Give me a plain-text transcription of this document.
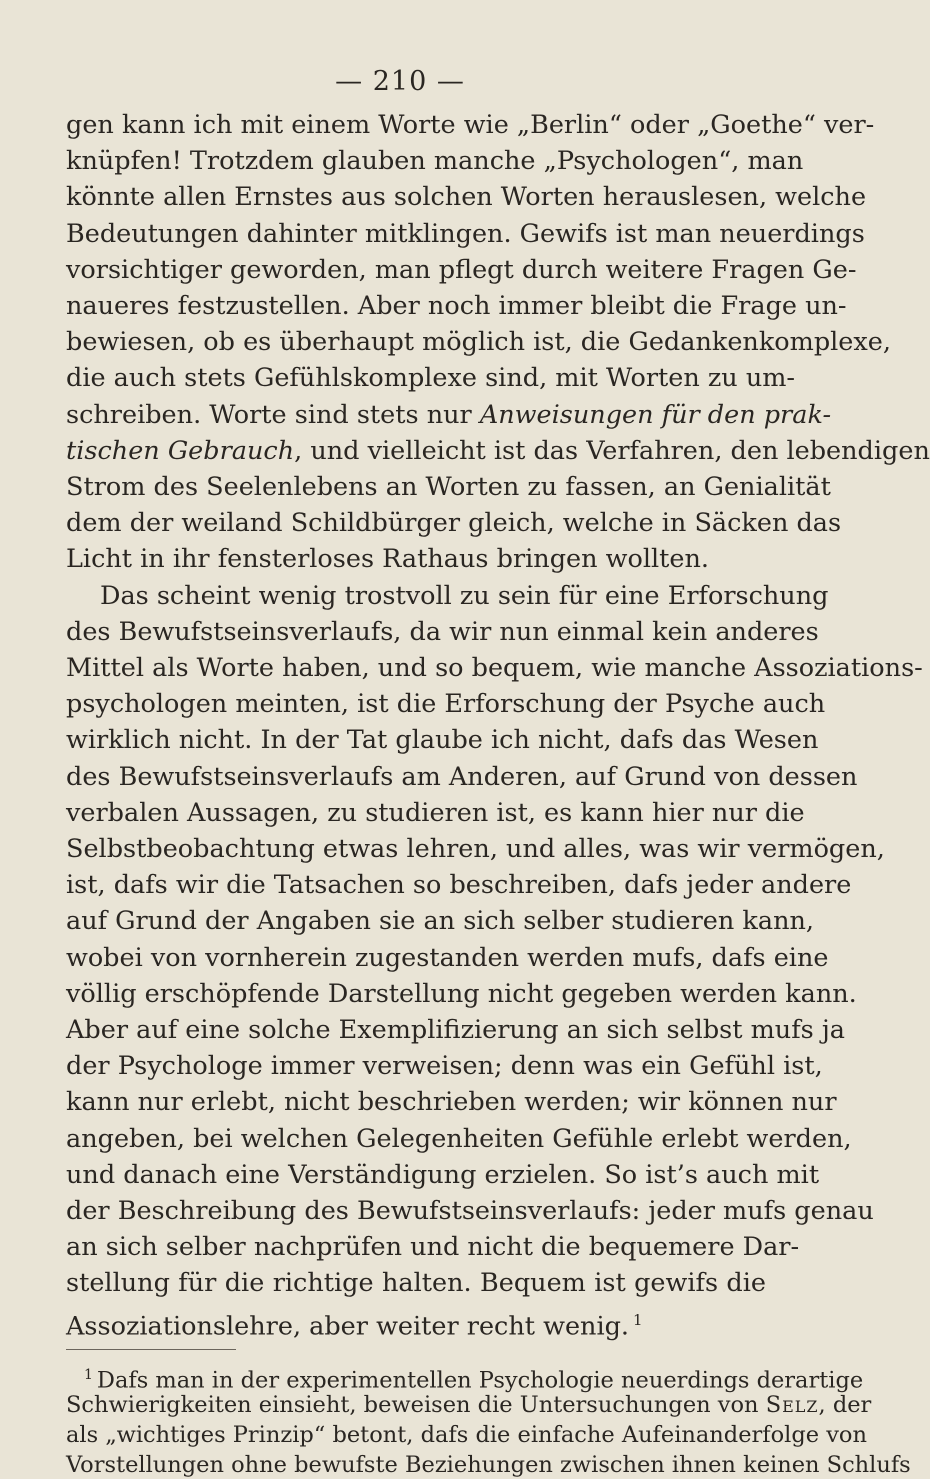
— 210 —
gen kann ich mit einem Worte wie „Berlin“ oder „Goethe“ ver-
knüpfen! Trotzdem glauben manche „Psychologen“, man
könnte allen Ernstes aus solchen Worten herauslesen, welche
Bedeutungen dahinter mitklingen. Gewifs ist man neuerdings
vorsichtiger geworden, man pflegt durch weitere Fragen Ge-
naueres festzustellen. Aber noch immer bleibt die Frage un-
bewiesen, ob es überhaupt möglich ist, die Gedankenkomplexe,
die auch stets Gefühlskomplexe sind, mit Worten zu um-
schreiben. Worte sind stets nur Anweisungen für den prak-
tischen Gebrauch, und vielleicht ist das Verfahren, den lebendigen
Strom des Seelenlebens an Worten zu fassen, an Genialität
dem der weiland Schildbürger gleich, welche in Säcken das
Licht in ihr fensterloses Rathaus bringen wollten.
Das scheint wenig trostvoll zu sein für eine Erforschung
des Bewufstseinsverlaufs, da wir nun einmal kein anderes
Mittel als Worte haben, und so bequem, wie manche Assoziations-
psychologen meinten, ist die Erforschung der Psyche auch
wirklich nicht. In der Tat glaube ich nicht, dafs das Wesen
des Bewufstseinsverlaufs am Anderen, auf Grund von dessen
verbalen Aussagen, zu studieren ist, es kann hier nur die
Selbstbeobachtung etwas lehren, und alles, was wir vermögen,
ist, dafs wir die Tatsachen so beschreiben, dafs jeder andere
auf Grund der Angaben sie an sich selber studieren kann,
wobei von vornherein zugestanden werden mufs, dafs eine
völlig erschöpfende Darstellung nicht gegeben werden kann.
Aber auf eine solche Exemplifizierung an sich selbst mufs ja
der Psychologe immer verweisen; denn was ein Gefühl ist,
kann nur erlebt, nicht beschrieben werden; wir können nur
angeben, bei welchen Gelegenheiten Gefühle erlebt werden,
und danach eine Verständigung erzielen. So ist’s auch mit
der Beschreibung des Bewufstseinsverlaufs: jeder mufs genau
an sich selber nachprüfen und nicht die bequemere Dar-
stellung für die richtige halten. Bequem ist gewifs die
Assoziationslehre, aber weiter recht wenig. $^1$
$^1$ Dafs man in der experimentellen Psychologie neuerdings derartige
Schwierigkeiten einsieht, beweisen die Untersuchungen von Selz, der
als „wichtiges Prinzip“ betont, dafs die einfache Aufeinanderfolge von
Vorstellungen ohne bewufste Beziehungen zwischen ihnen keinen Schlufs
